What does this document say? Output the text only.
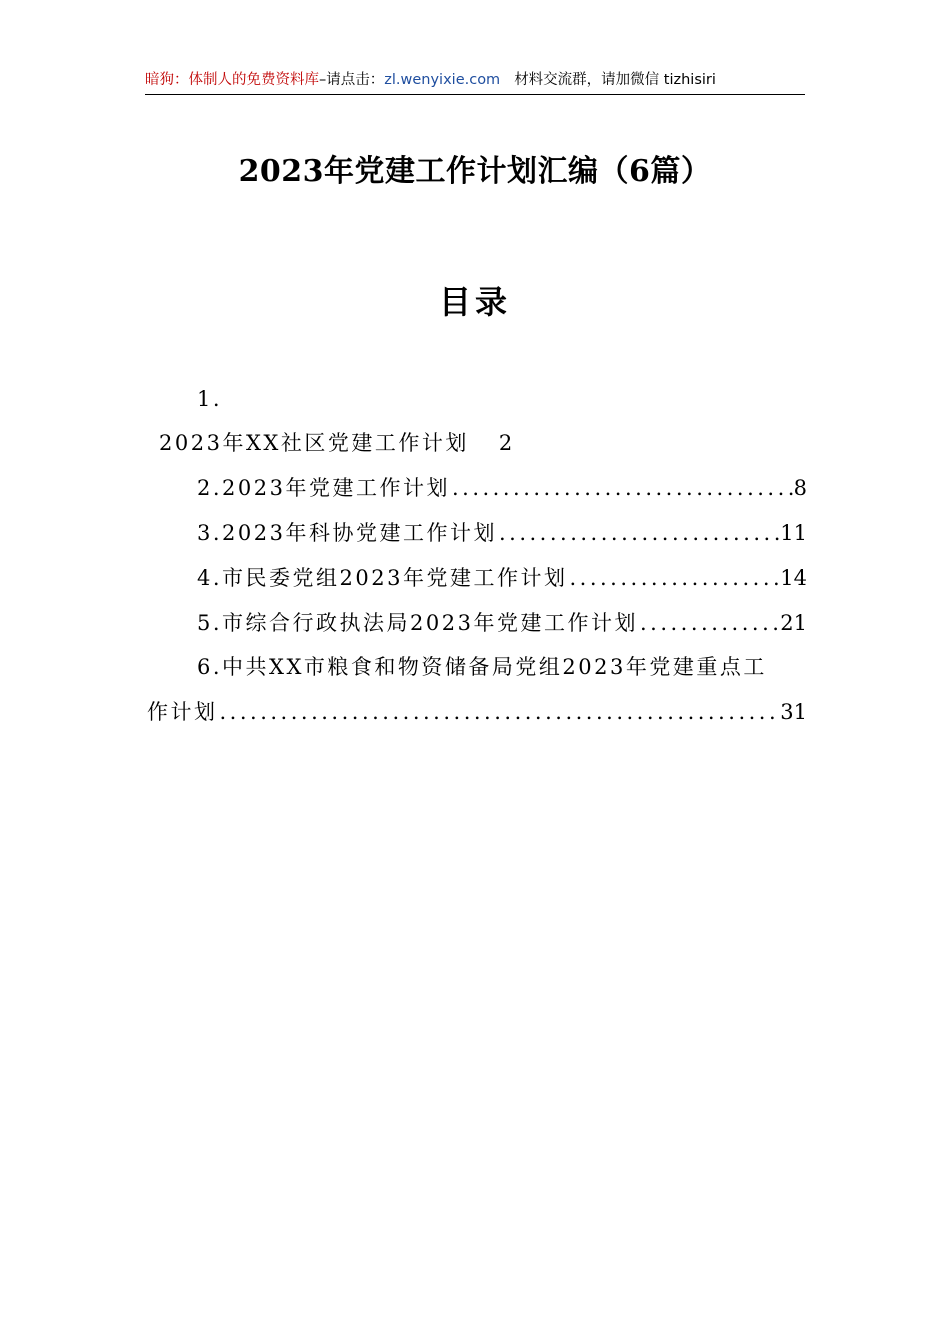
暗狗：体制人的免费资料库–请点击：zl.wenyixie.com 材料交流群，请加微信 tizhisiri
2023年党建工作计划汇编（6篇）
目录
1.
2023年XX社区党建工作计划 2
2.2023年党建工作计划 .....	8
3.2023年科协党建工作计划 .....	11
4.市民委党组2023年党建工作计划 .....	14
5.市综合行政执法局2023年党建工作计划 .....	21
6.中共XX市粮食和物资储备局党组2023年党建重点工
作计划 .....	31
